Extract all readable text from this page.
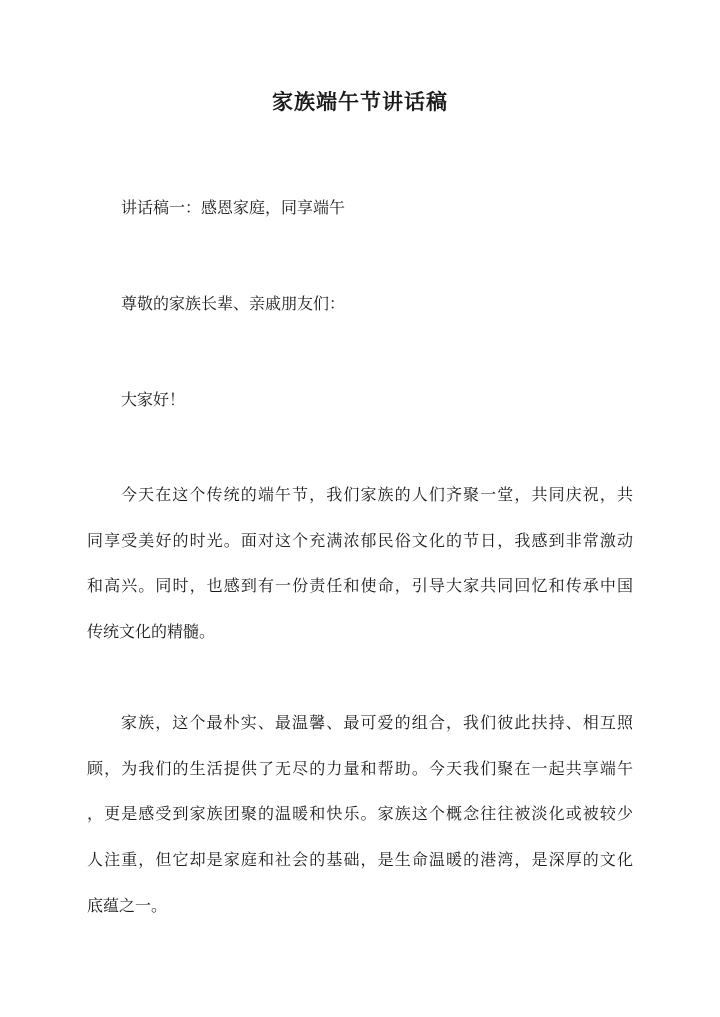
家族端午节讲话稿

讲话稿一：感恩家庭，同享端午

尊敬的家族长辈、亲戚朋友们：

大家好！

今天在这个传统的端午节，我们家族的人们齐聚一堂，共同庆祝，共
同享受美好的时光。面对这个充满浓郁民俗文化的节日，我感到非常激动
和高兴。同时，也感到有一份责任和使命，引导大家共同回忆和传承中国
传统文化的精髓。
家族，这个最朴实、最温馨、最可爱的组合，我们彼此扶持、相互照
顾，为我们的生活提供了无尽的力量和帮助。今天我们聚在一起共享端午
，更是感受到家族团聚的温暖和快乐。家族这个概念往往被淡化或被较少
人注重，但它却是家庭和社会的基础，是生命温暖的港湾，是深厚的文化
底蕴之一。
